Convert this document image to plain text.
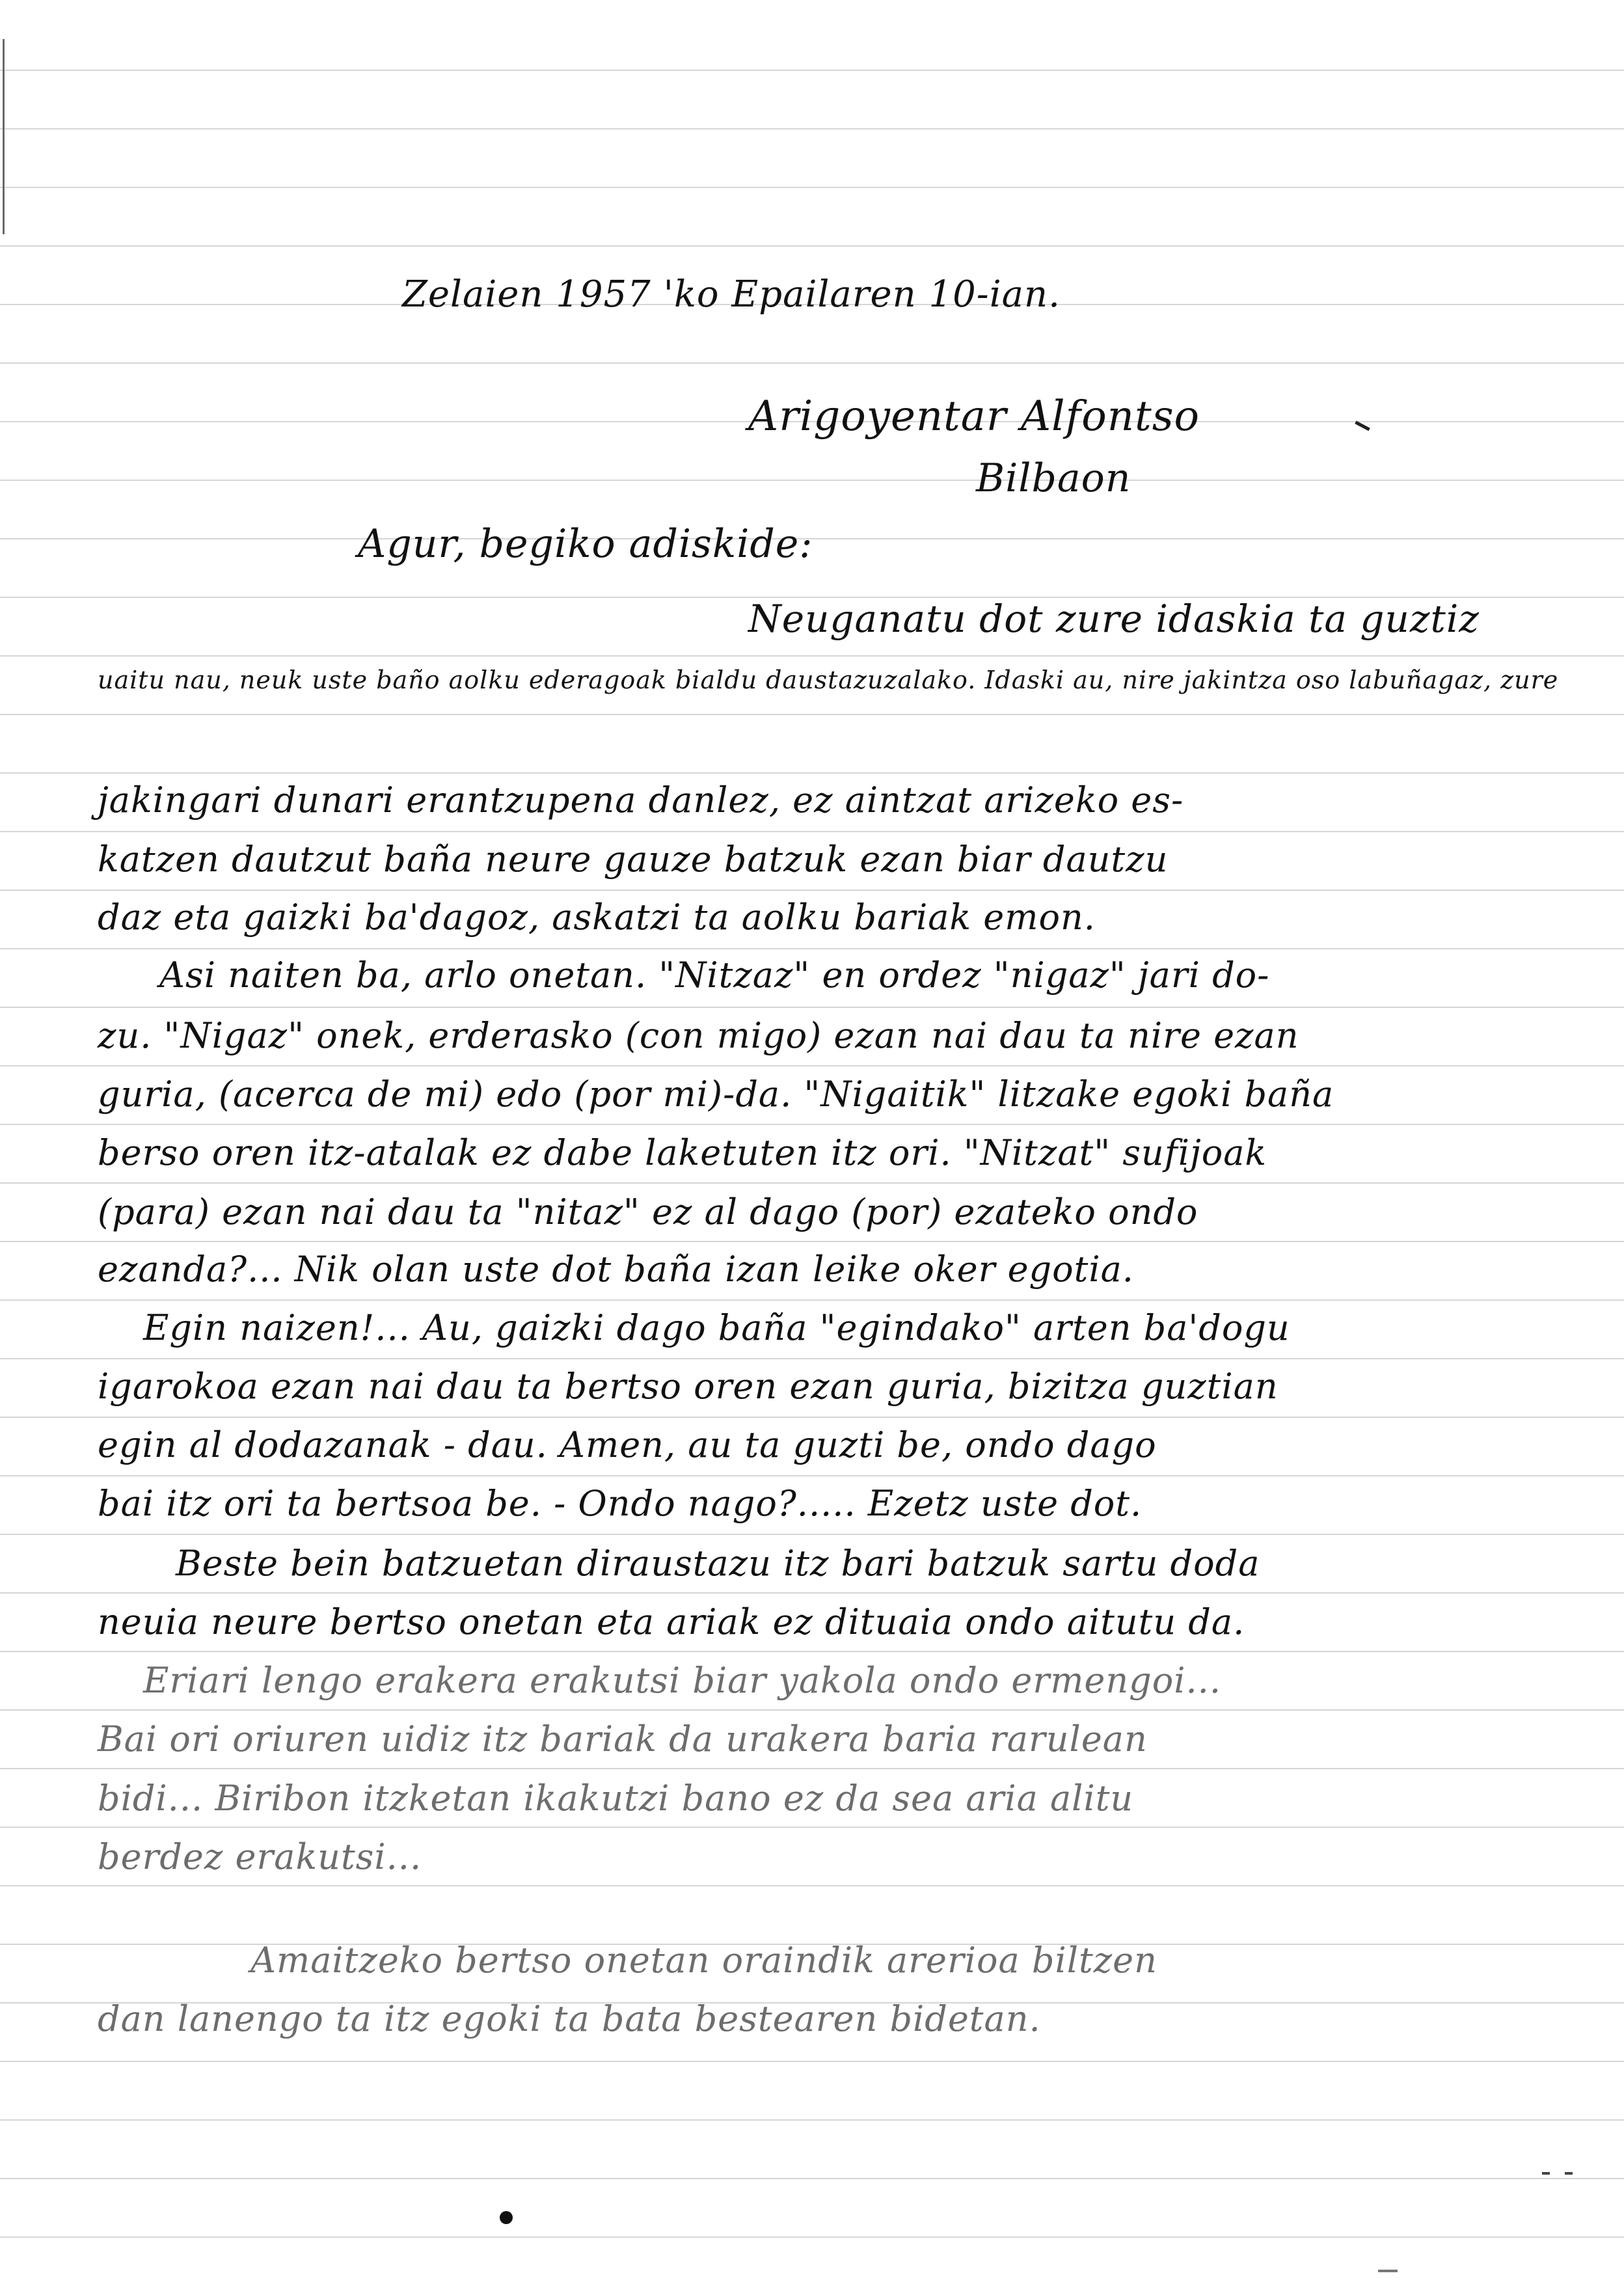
Zelaien 1957 'ko Epailaren 10-ian.
Arigoyentar Alfontso
Bilbaon
Agur, begiko adiskide:
Neuganatu dot zure idaskia ta guztiz
uaitu nau, neuk uste baño aolku ederagoak bialdu daustazuzalako. Idaski au, nire jakintza oso labuñagaz, zure
jakingari dunari erantzupena danlez, ez aintzat arizeko es-
katzen dautzut baña neure gauze batzuk ezan biar dautzu
daz eta gaizki ba'dagoz, askatzi ta aolku bariak emon.
Asi naiten ba, arlo onetan. "Nitzaz" en ordez "nigaz" jari do-
zu. "Nigaz" onek, erderasko (con migo) ezan nai dau ta nire ezan
guria, (acerca de mi) edo (por mi)-da. "Nigaitik" litzake egoki baña
berso oren itz-atalak ez dabe laketuten itz ori. "Nitzat" sufijoak
(para) ezan nai dau ta "nitaz" ez al dago (por) ezateko ondo
ezanda?... Nik olan uste dot baña izan leike oker egotia.
Egin naizen!... Au, gaizki dago baña "egindako" arten ba'dogu
igarokoa ezan nai dau ta bertso oren ezan guria, bizitza guztian
egin al dodazanak - dau. Amen, au ta guzti be, ondo dago
bai itz ori ta bertsoa be. - Ondo nago?..... Ezetz uste dot.
Beste bein batzuetan diraustazu itz bari batzuk sartu doda
neuia neure bertso onetan eta ariak ez dituaia ondo aitutu da.
Eriari lengo erakera erakutsi biar yakola ondo ermengoi...
Bai ori oriuren uidiz itz bariak da urakera baria rarulean
bidi... Biribon itzketan ikakutzi bano ez da sea aria alitu
berdez erakutsi...
Amaitzeko bertso onetan oraindik arerioa biltzen
dan lanengo ta itz egoki ta bata bestearen bidetan.
